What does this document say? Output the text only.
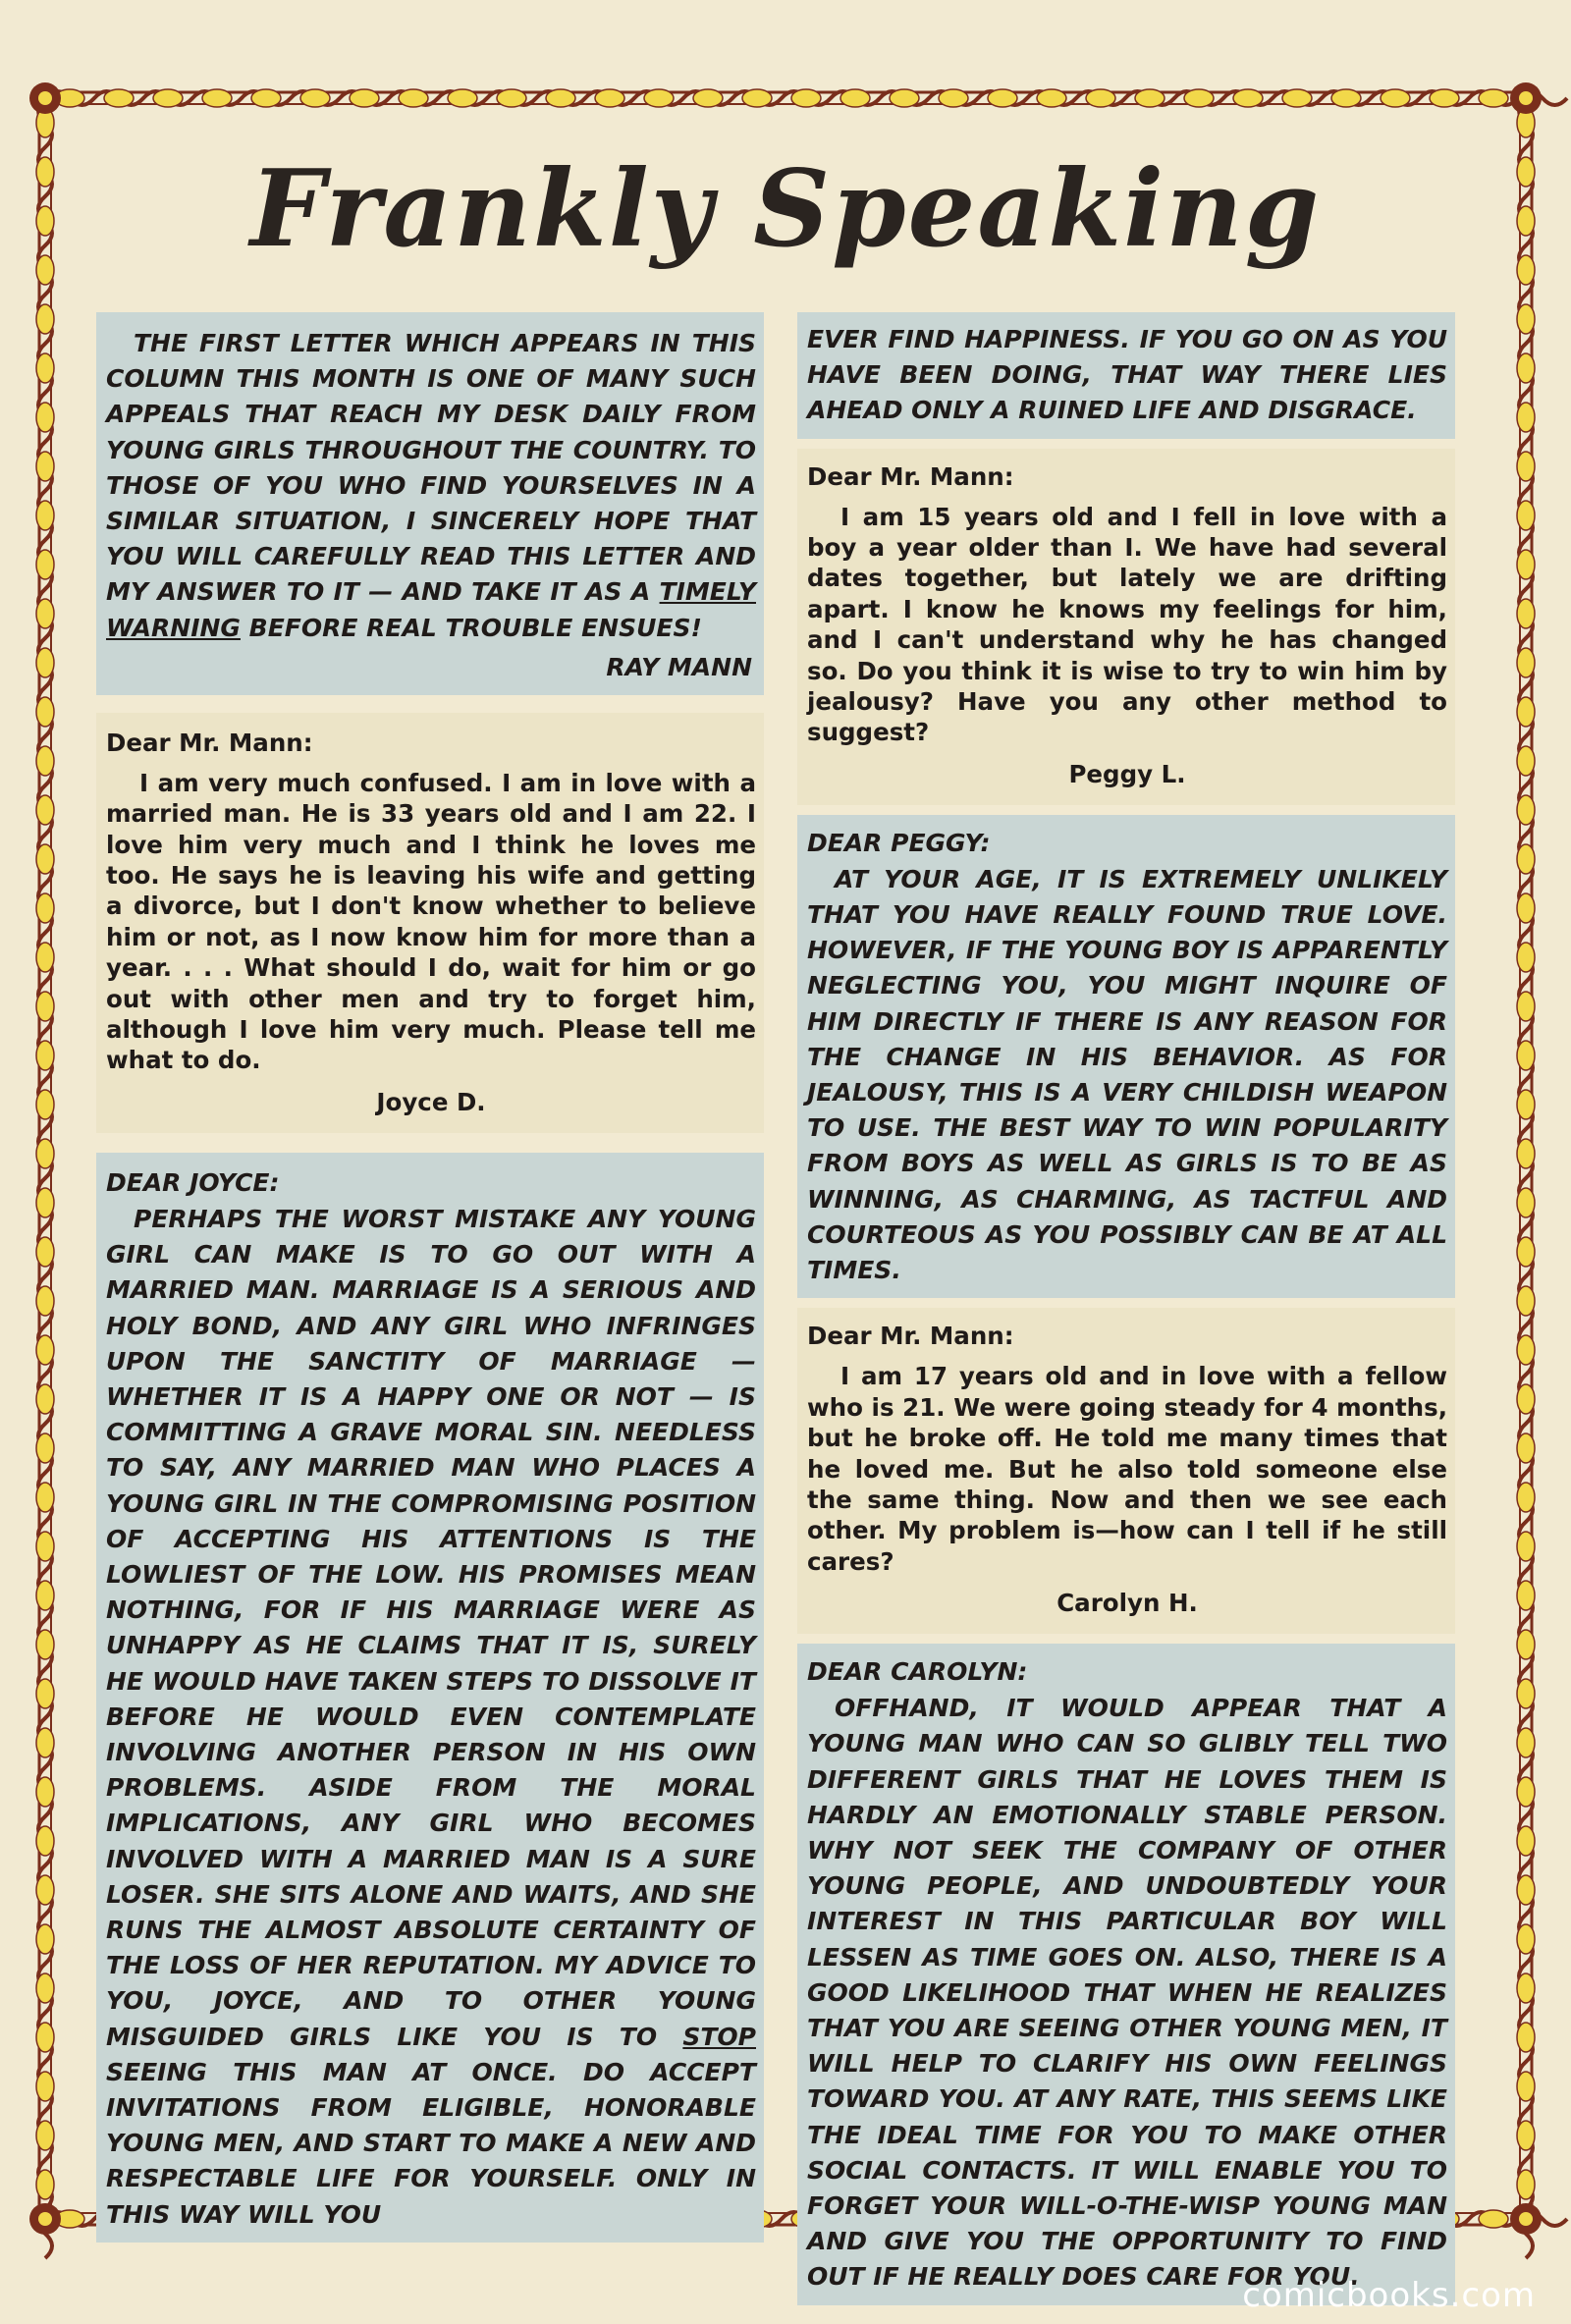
Frankly Speaking

THE FIRST LETTER WHICH APPEARS IN THIS COLUMN THIS MONTH IS ONE OF MANY SUCH APPEALS THAT REACH MY DESK DAILY FROM YOUNG GIRLS THROUGHOUT THE COUNTRY. TO THOSE OF YOU WHO FIND YOURSELVES IN A SIMILAR SITUATION, I SINCERELY HOPE THAT YOU WILL CAREFULLY READ THIS LETTER AND MY ANSWER TO IT — AND TAKE IT AS A TIMELY WARNING BEFORE REAL TROUBLE ENSUES!

RAY MANN
Dear Mr. Mann:

I am very much confused. I am in love with a married man. He is 33 years old and I am 22. I love him very much and I think he loves me too. He says he is leaving his wife and getting a divorce, but I don't know whether to believe him or not, as I now know him for more than a year. . . . What should I do, wait for him or go out with other men and try to forget him, although I love him very much. Please tell me what to do.

Joyce D.
DEAR JOYCE:

PERHAPS THE WORST MISTAKE ANY YOUNG GIRL CAN MAKE IS TO GO OUT WITH A MARRIED MAN. MARRIAGE IS A SERIOUS AND HOLY BOND, AND ANY GIRL WHO INFRINGES UPON THE SANCTITY OF MARRIAGE — WHETHER IT IS A HAPPY ONE OR NOT — IS COMMITTING A GRAVE MORAL SIN. NEEDLESS TO SAY, ANY MARRIED MAN WHO PLACES A YOUNG GIRL IN THE COMPROMISING POSITION OF ACCEPTING HIS ATTENTIONS IS THE LOWLIEST OF THE LOW. HIS PROMISES MEAN NOTHING, FOR IF HIS MARRIAGE WERE AS UNHAPPY AS HE CLAIMS THAT IT IS, SURELY HE WOULD HAVE TAKEN STEPS TO DISSOLVE IT BEFORE HE WOULD EVEN CONTEMPLATE INVOLVING ANOTHER PERSON IN HIS OWN PROBLEMS. ASIDE FROM THE MORAL IMPLICATIONS, ANY GIRL WHO BECOMES INVOLVED WITH A MARRIED MAN IS A SURE LOSER. SHE SITS ALONE AND WAITS, AND SHE RUNS THE ALMOST ABSOLUTE CERTAINTY OF THE LOSS OF HER REPUTATION. MY ADVICE TO YOU, JOYCE, AND TO OTHER YOUNG MISGUIDED GIRLS LIKE YOU IS TO STOP SEEING THIS MAN AT ONCE. DO ACCEPT INVITATIONS FROM ELIGIBLE, HONORABLE YOUNG MEN, AND START TO MAKE A NEW AND RESPECTABLE LIFE FOR YOURSELF. ONLY IN THIS WAY WILL YOU

EVER FIND HAPPINESS. IF YOU GO ON AS YOU HAVE BEEN DOING, THAT WAY THERE LIES AHEAD ONLY A RUINED LIFE AND DISGRACE.

Dear Mr. Mann:

I am 15 years old and I fell in love with a boy a year older than I. We have had several dates together, but lately we are drifting apart. I know he knows my feelings for him, and I can't understand why he has changed so. Do you think it is wise to try to win him by jealousy? Have you any other method to suggest?

Peggy L.
DEAR PEGGY:

AT YOUR AGE, IT IS EXTREMELY UNLIKELY THAT YOU HAVE REALLY FOUND TRUE LOVE. HOWEVER, IF THE YOUNG BOY IS APPARENTLY NEGLECTING YOU, YOU MIGHT INQUIRE OF HIM DIRECTLY IF THERE IS ANY REASON FOR THE CHANGE IN HIS BEHAVIOR. AS FOR JEALOUSY, THIS IS A VERY CHILDISH WEAPON TO USE. THE BEST WAY TO WIN POPULARITY FROM BOYS AS WELL AS GIRLS IS TO BE AS WINNING, AS CHARMING, AS TACTFUL AND COURTEOUS AS YOU POSSIBLY CAN BE AT ALL TIMES.

Dear Mr. Mann:

I am 17 years old and in love with a fellow who is 21. We were going steady for 4 months, but he broke off. He told me many times that he loved me. But he also told someone else the same thing. Now and then we see each other. My problem is—how can I tell if he still cares?

Carolyn H.
DEAR CAROLYN:

OFFHAND, IT WOULD APPEAR THAT A YOUNG MAN WHO CAN SO GLIBLY TELL TWO DIFFERENT GIRLS THAT HE LOVES THEM IS HARDLY AN EMOTIONALLY STABLE PERSON. WHY NOT SEEK THE COMPANY OF OTHER YOUNG PEOPLE, AND UNDOUBTEDLY YOUR INTEREST IN THIS PARTICULAR BOY WILL LESSEN AS TIME GOES ON. ALSO, THERE IS A GOOD LIKELIHOOD THAT WHEN HE REALIZES THAT YOU ARE SEEING OTHER YOUNG MEN, IT WILL HELP TO CLARIFY HIS OWN FEELINGS TOWARD YOU. AT ANY RATE, THIS SEEMS LIKE THE IDEAL TIME FOR YOU TO MAKE OTHER SOCIAL CONTACTS. IT WILL ENABLE YOU TO FORGET YOUR WILL-O-THE-WISP YOUNG MAN AND GIVE YOU THE OPPORTUNITY TO FIND OUT IF HE REALLY DOES CARE FOR YOU.

comicbooks.com
